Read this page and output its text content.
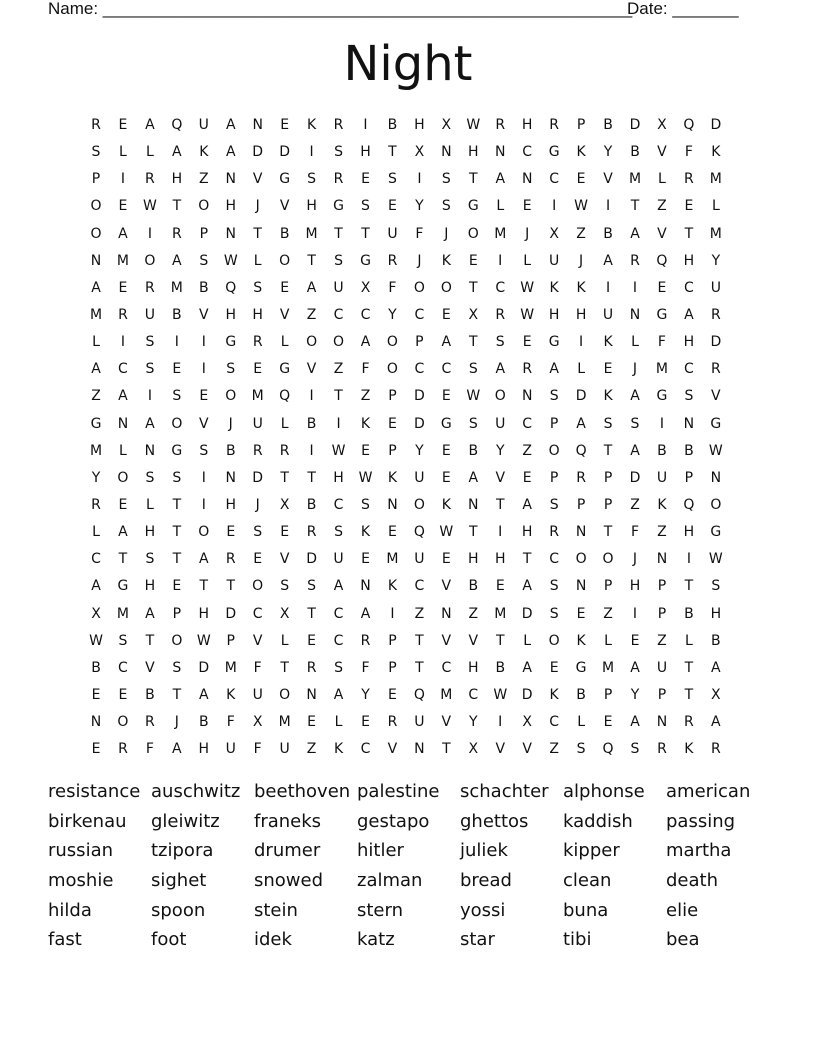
Name: ________________________________________________________
Date: _______
Night
R	E	A	Q	U	A	N	E	K	R	I	B	H	X	W	R	H	R	P	B	D	X	Q	D
S	L	L	A	K	A	D	D	I	S	H	T	X	N	H	N	C	G	K	Y	B	V	F	K
P	I	R	H	Z	N	V	G	S	R	E	S	I	S	T	A	N	C	E	V	M	L	R	M
O	E	W	T	O	H	J	V	H	G	S	E	Y	S	G	L	E	I	W	I	T	Z	E	L
O	A	I	R	P	N	T	B	M	T	T	U	F	J	O	M	J	X	Z	B	A	V	T	M
N	M	O	A	S	W	L	O	T	S	G	R	J	K	E	I	L	U	J	A	R	Q	H	Y
A	E	R	M	B	Q	S	E	A	U	X	F	O	O	T	C	W	K	K	I	I	E	C	U
M	R	U	B	V	H	H	V	Z	C	C	Y	C	E	X	R	W	H	H	U	N	G	A	R
L	I	S	I	I	G	R	L	O	O	A	O	P	A	T	S	E	G	I	K	L	F	H	D
A	C	S	E	I	S	E	G	V	Z	F	O	C	C	S	A	R	A	L	E	J	M	C	R
Z	A	I	S	E	O	M	Q	I	T	Z	P	D	E	W	O	N	S	D	K	A	G	S	V
G	N	A	O	V	J	U	L	B	I	K	E	D	G	S	U	C	P	A	S	S	I	N	G
M	L	N	G	S	B	R	R	I	W	E	P	Y	E	B	Y	Z	O	Q	T	A	B	B	W
Y	O	S	S	I	N	D	T	T	H	W	K	U	E	A	V	E	P	R	P	D	U	P	N
R	E	L	T	I	H	J	X	B	C	S	N	O	K	N	T	A	S	P	P	Z	K	Q	O
L	A	H	T	O	E	S	E	R	S	K	E	Q	W	T	I	H	R	N	T	F	Z	H	G
C	T	S	T	A	R	E	V	D	U	E	M	U	E	H	H	T	C	O	O	J	N	I	W
A	G	H	E	T	T	O	S	S	A	N	K	C	V	B	E	A	S	N	P	H	P	T	S
X	M	A	P	H	D	C	X	T	C	A	I	Z	N	Z	M	D	S	E	Z	I	P	B	H
W	S	T	O	W	P	V	L	E	C	R	P	T	V	V	T	L	O	K	L	E	Z	L	B
B	C	V	S	D	M	F	T	R	S	F	P	T	C	H	B	A	E	G	M	A	U	T	A
E	E	B	T	A	K	U	O	N	A	Y	E	Q	M	C	W	D	K	B	P	Y	P	T	X
N	O	R	J	B	F	X	M	E	L	E	R	U	V	Y	I	X	C	L	E	A	N	R	A
E	R	F	A	H	U	F	U	Z	K	C	V	N	T	X	V	V	Z	S	Q	S	R	K	R
resistance auschwitz beethoven palestine schachter alphonse american
birkenau gleiwitz franeks gestapo ghettos kaddish passing
russian tzipora drumer hitler	juliek	kipper	martha
moshie sighet	snowed zalman bread	clean	death
hilda	spoon	stein	stern	yossi	buna	elie
fast	foot	idek	katz	star	tibi	bea
